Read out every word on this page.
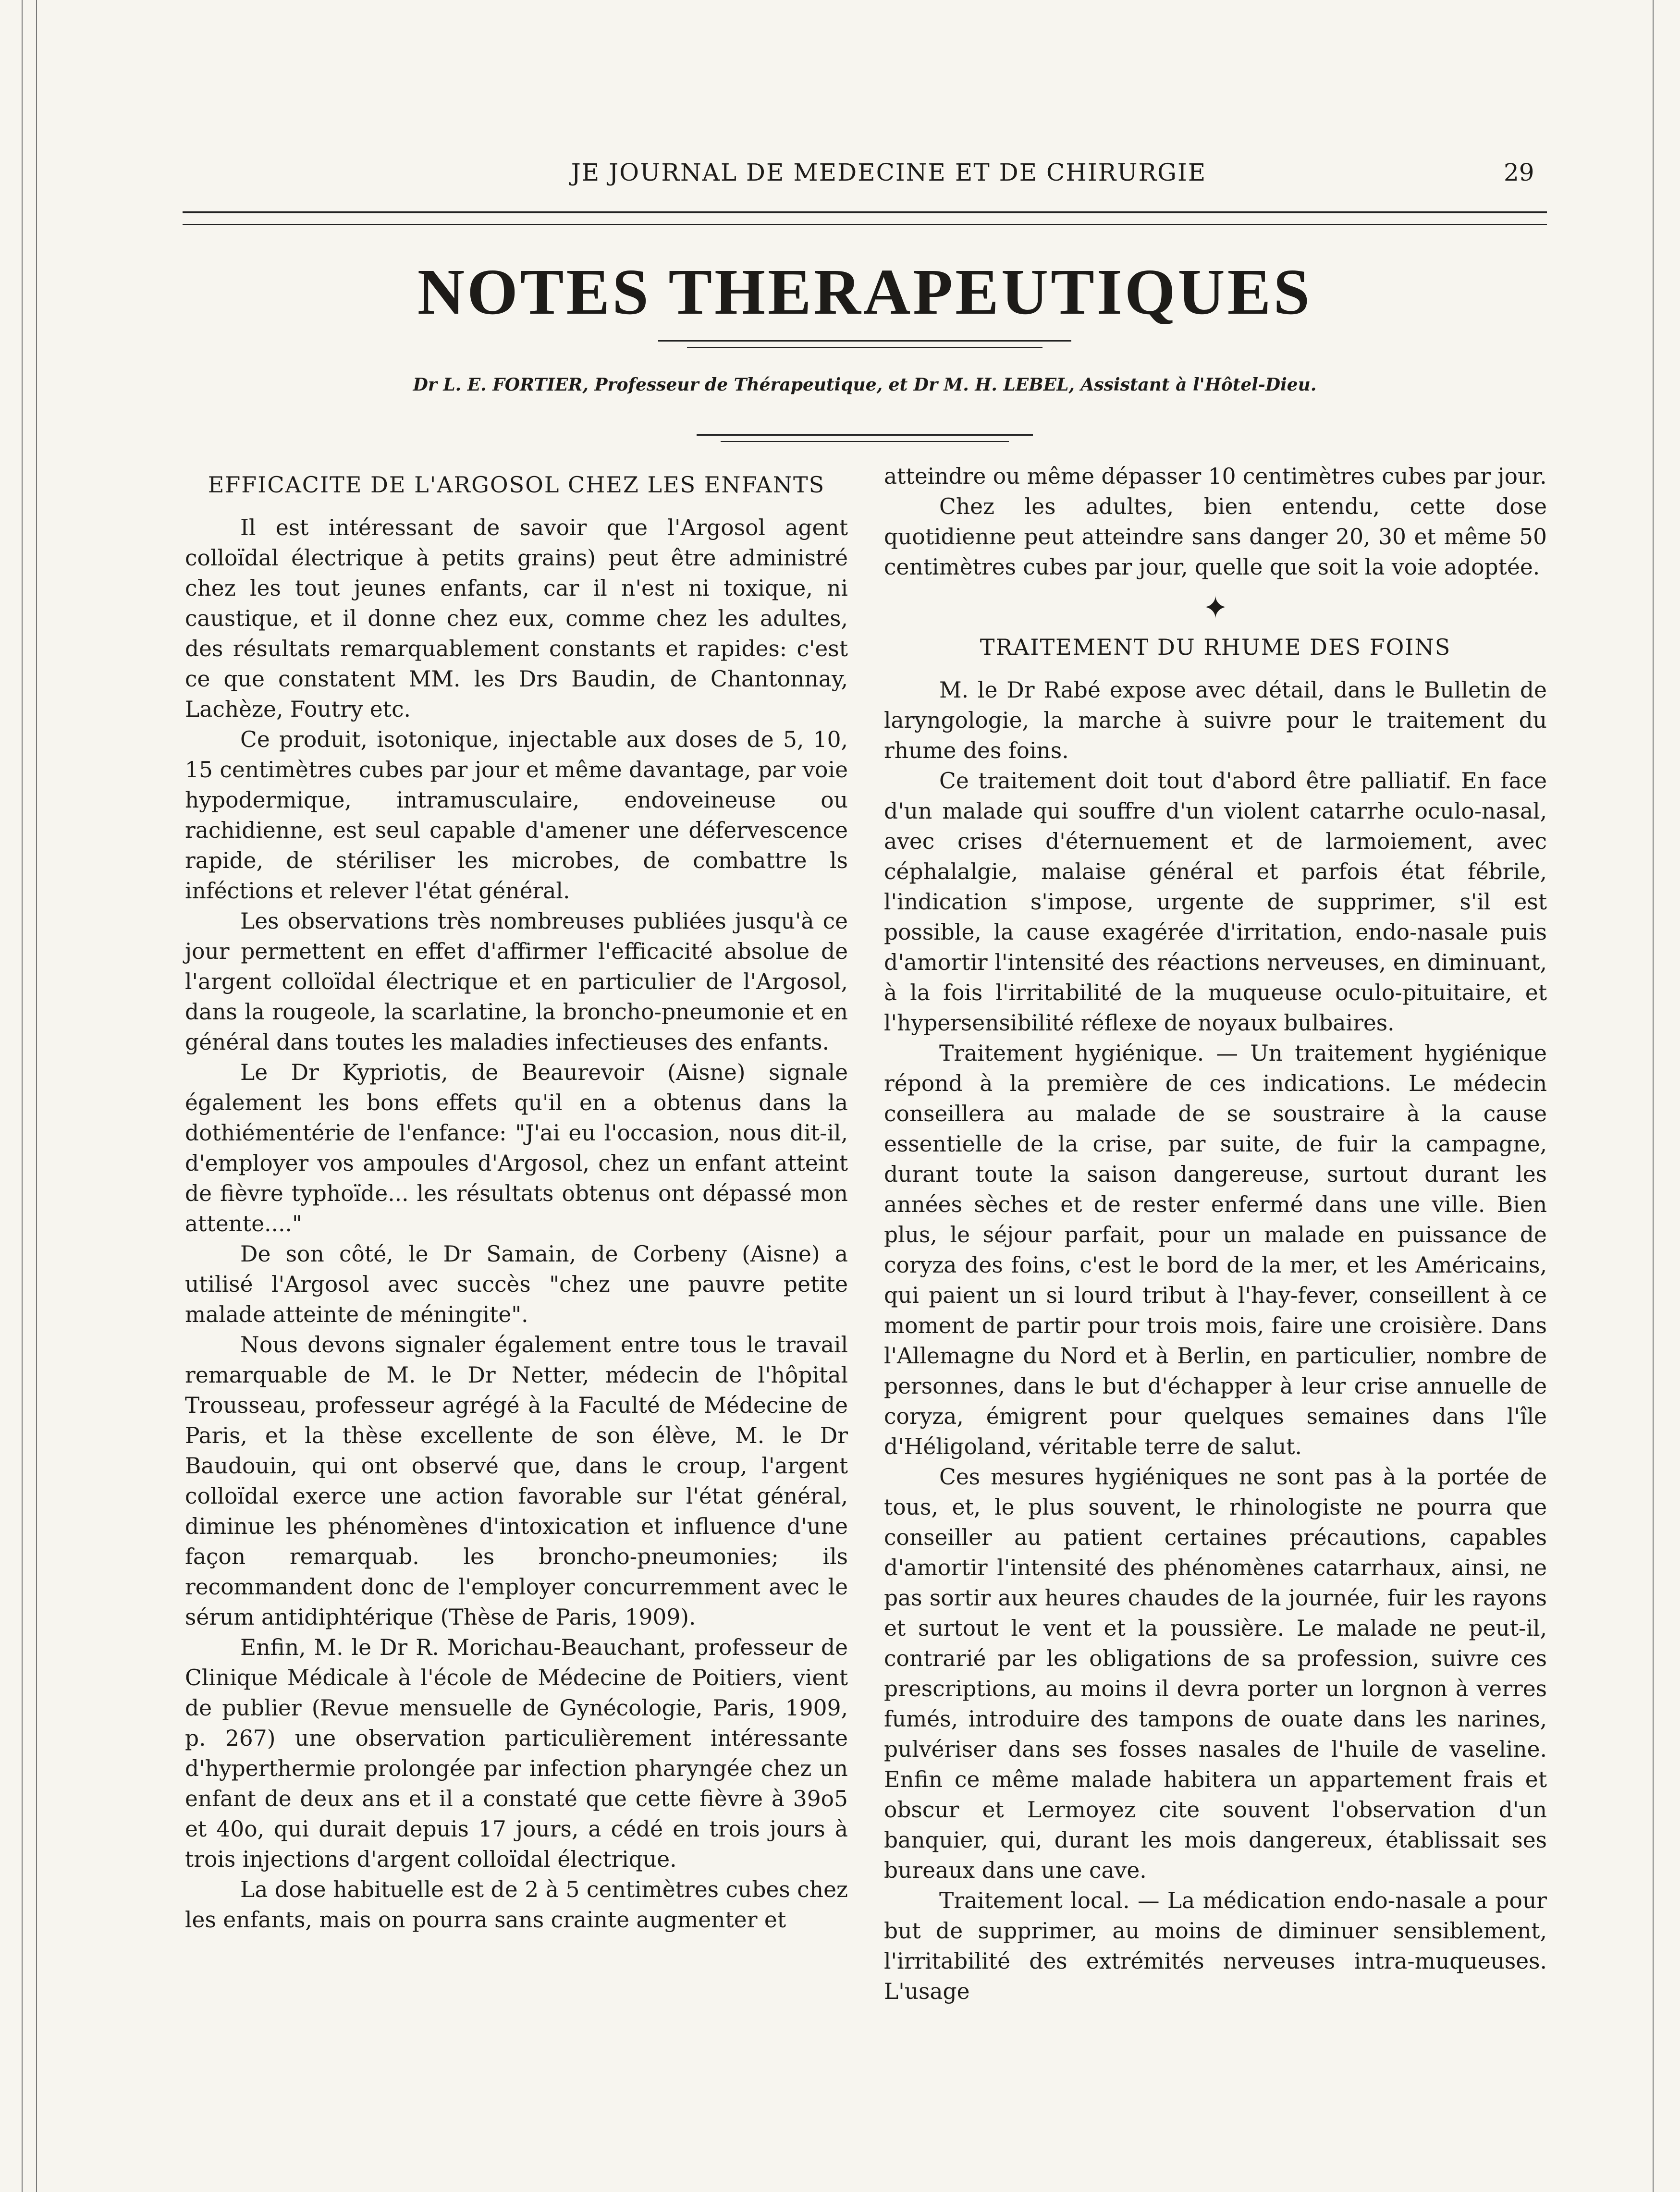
JE JOURNAL DE MEDECINE ET DE CHIRURGIE	29
NOTES THERAPEUTIQUES
Dr L. E. FORTIER, Professeur de Thérapeutique, et Dr M. H. LEBEL, Assistant à l'Hôtel-Dieu.
EFFICACITE DE L'ARGOSOL CHEZ LES ENFANTS

Il est intéressant de savoir que l'Argosol agent colloïdal électrique à petits grains) peut être administré chez les tout jeunes enfants, car il n'est ni toxique, ni caustique, et il donne chez eux, comme chez les adultes, des résultats remarquablement constants et rapides: c'est ce que constatent MM. les Drs Baudin, de Chantonnay, Lachèze, Foutry etc.

Ce produit, isotonique, injectable aux doses de 5, 10, 15 centimètres cubes par jour et même davantage, par voie hypodermique, intramusculaire, endoveineuse ou rachidienne, est seul capable d'amener une défervescence rapide, de stériliser les microbes, de combattre ls inféctions et relever l'état général.

Les observations très nombreuses publiées jusqu'à ce jour permettent en effet d'affirmer l'efficacité absolue de l'argent colloïdal électrique et en particulier de l'Argosol, dans la rougeole, la scarlatine, la broncho-pneumonie et en général dans toutes les maladies infectieuses des enfants.

Le Dr Kypriotis, de Beaurevoir (Aisne) signale également les bons effets qu'il en a obtenus dans la dothiémentérie de l'enfance: "J'ai eu l'occasion, nous dit-il, d'employer vos ampoules d'Argosol, chez un enfant atteint de fièvre typhoïde... les résultats obtenus ont dépassé mon attente...."

De son côté, le Dr Samain, de Corbeny (Aisne) a utilisé l'Argosol avec succès "chez une pauvre petite malade atteinte de méningite".

Nous devons signaler également entre tous le travail remarquable de M. le Dr Netter, médecin de l'hôpital Trousseau, professeur agrégé à la Faculté de Médecine de Paris, et la thèse excellente de son élève, M. le Dr Baudouin, qui ont observé que, dans le croup, l'argent colloïdal exerce une action favorable sur l'état général, diminue les phénomènes d'intoxication et influence d'une façon remarquab. les broncho-pneumonies; ils recommandent donc de l'employer concurremment avec le sérum antidiphtérique (Thèse de Paris, 1909).

Enfin, M. le Dr R. Morichau-Beauchant, professeur de Clinique Médicale à l'école de Médecine de Poitiers, vient de publier (Revue mensuelle de Gynécologie, Paris, 1909, p. 267) une observation particulièrement intéressante d'hyperthermie prolongée par infection pharyngée chez un enfant de deux ans et il a constaté que cette fièvre à 39o5 et 40o, qui durait depuis 17 jours, a cédé en trois jours à trois injections d'argent colloïdal électrique.

La dose habituelle est de 2 à 5 centimètres cubes chez les enfants, mais on pourra sans crainte augmenter et

atteindre ou même dépasser 10 centimètres cubes par jour.

Chez les adultes, bien entendu, cette dose quotidienne peut atteindre sans danger 20, 30 et même 50 centimètres cubes par jour, quelle que soit la voie adoptée.

✦
TRAITEMENT DU RHUME DES FOINS

M. le Dr Rabé expose avec détail, dans le Bulletin de laryngologie, la marche à suivre pour le traitement du rhume des foins.

Ce traitement doit tout d'abord être palliatif. En face d'un malade qui souffre d'un violent catarrhe oculo-nasal, avec crises d'éternuement et de larmoiement, avec céphalalgie, malaise général et parfois état fébrile, l'indication s'impose, urgente de supprimer, s'il est possible, la cause exagérée d'irritation, endo-nasale puis d'amortir l'intensité des réactions nerveuses, en diminuant, à la fois l'irritabilité de la muqueuse oculo-pituitaire, et l'hypersensibilité réflexe de noyaux bulbaires.

Traitement hygiénique. — Un traitement hygiénique répond à la première de ces indications. Le médecin conseillera au malade de se soustraire à la cause essentielle de la crise, par suite, de fuir la campagne, durant toute la saison dangereuse, surtout durant les années sèches et de rester enfermé dans une ville. Bien plus, le séjour parfait, pour un malade en puissance de coryza des foins, c'est le bord de la mer, et les Américains, qui paient un si lourd tribut à l'hay-fever, conseillent à ce moment de partir pour trois mois, faire une croisière. Dans l'Allemagne du Nord et à Berlin, en particulier, nombre de personnes, dans le but d'échapper à leur crise annuelle de coryza, émigrent pour quelques semaines dans l'île d'Héligoland, véritable terre de salut.

Ces mesures hygiéniques ne sont pas à la portée de tous, et, le plus souvent, le rhinologiste ne pourra que conseiller au patient certaines précautions, capables d'amortir l'intensité des phénomènes catarrhaux, ainsi, ne pas sortir aux heures chaudes de la journée, fuir les rayons et surtout le vent et la poussière. Le malade ne peut-il, contrarié par les obligations de sa profession, suivre ces prescriptions, au moins il devra porter un lorgnon à verres fumés, introduire des tampons de ouate dans les narines, pulvériser dans ses fosses nasales de l'huile de vaseline. Enfin ce même malade habitera un appartement frais et obscur et Lermoyez cite souvent l'observation d'un banquier, qui, durant les mois dangereux, établissait ses bureaux dans une cave.

Traitement local. — La médication endo-nasale a pour but de supprimer, au moins de diminuer sensiblement, l'irritabilité des extrémités nerveuses intra-muqueuses. L'usage
